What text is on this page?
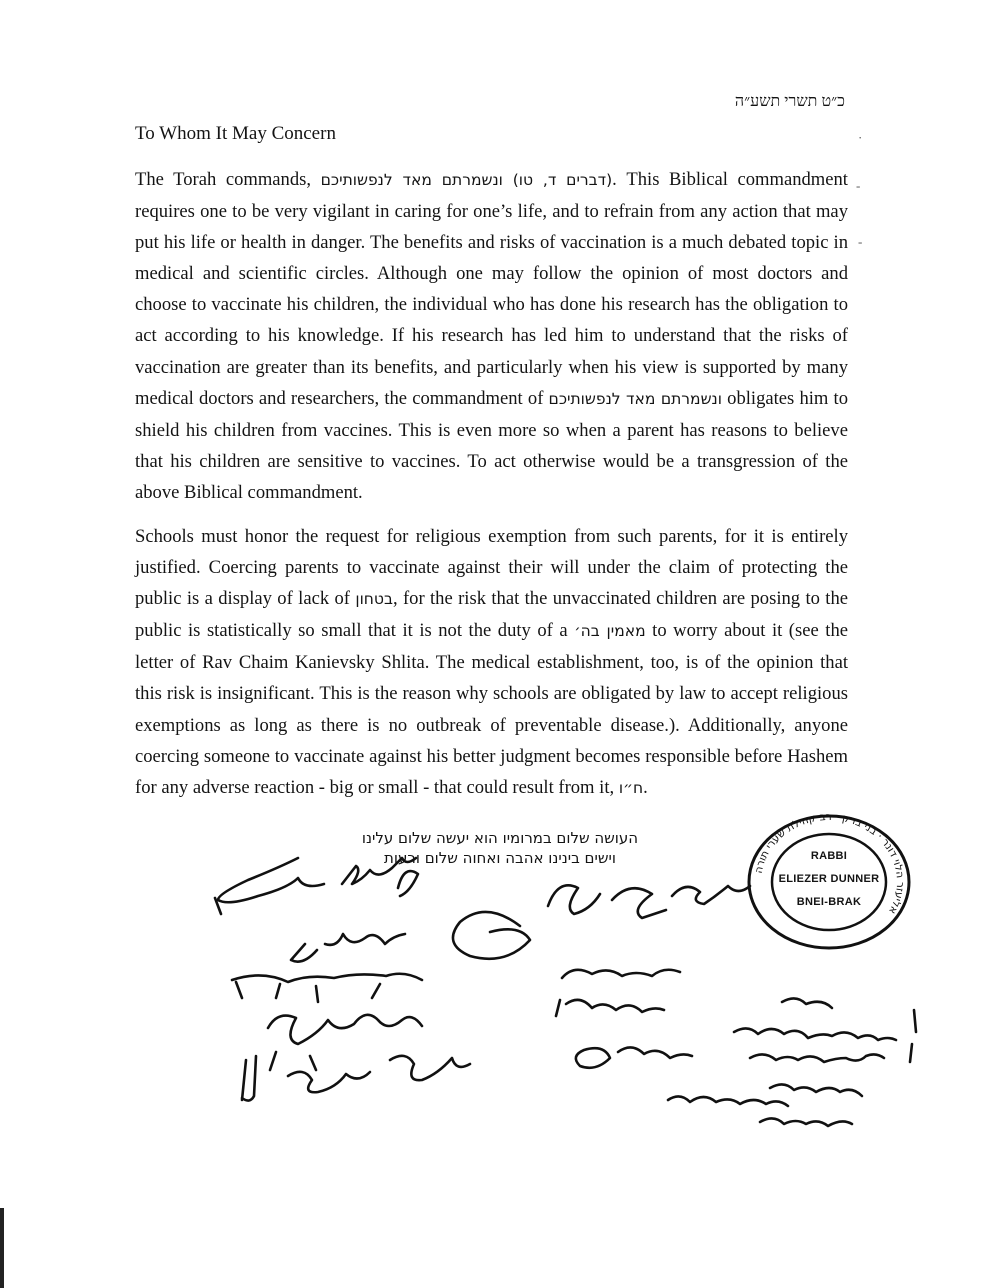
כ״ט תשרי תשע״ה
To Whom It May Concern
The Torah commands, (דברים ד, טו) ונשמרתם מאד לנפשותיכם. This Biblical commandment requires one to be very vigilant in caring for one’s life, and to refrain from any action that may put his life or health in danger. The benefits and risks of vaccination is a much debated topic in medical and scientific circles. Although one may follow the opinion of most doctors and choose to vaccinate his children, the individual who has done his research has the obligation to act according to his knowledge. If his research has led him to understand that the risks of vaccination are greater than its benefits, and particularly when his view is supported by many medical doctors and researchers, the commandment of ונשמרתם מאד לנפשותיכם obligates him to shield his children from vaccines. This is even more so when a parent has reasons to believe that his children are sensitive to vaccines. To act otherwise would be a transgression of the above Biblical commandment.
Schools must honor the request for religious exemption from such parents, for it is entirely justified. Coercing parents to vaccinate against their will under the claim of protecting the public is a display of lack of בטחון, for the risk that the unvaccinated children are posing to the public is statistically so small that it is not the duty of a מאמין בה׳ to worry about it (see the letter of Rav Chaim Kanievsky Shlita. The medical establishment, too, is of the opinion that this risk is insignificant. This is the reason why schools are obligated by law to accept religious exemptions as long as there is no outbreak of preventable disease.). Additionally, anyone coercing someone to vaccinate against his better judgment becomes responsible before Hashem for any adverse reaction - big or small - that could result from it, ח״ו.
העושה שלום במרומיו הוא יעשה שלום עלינו
וישים בינינו אהבה ואחוה שלום ורעות
אליעזר הלוי דונר · בני ברק · רב קהילת שערי תורה
RABBI
ELIEZER DUNNER
BNEI-BRAK
-
-
·
